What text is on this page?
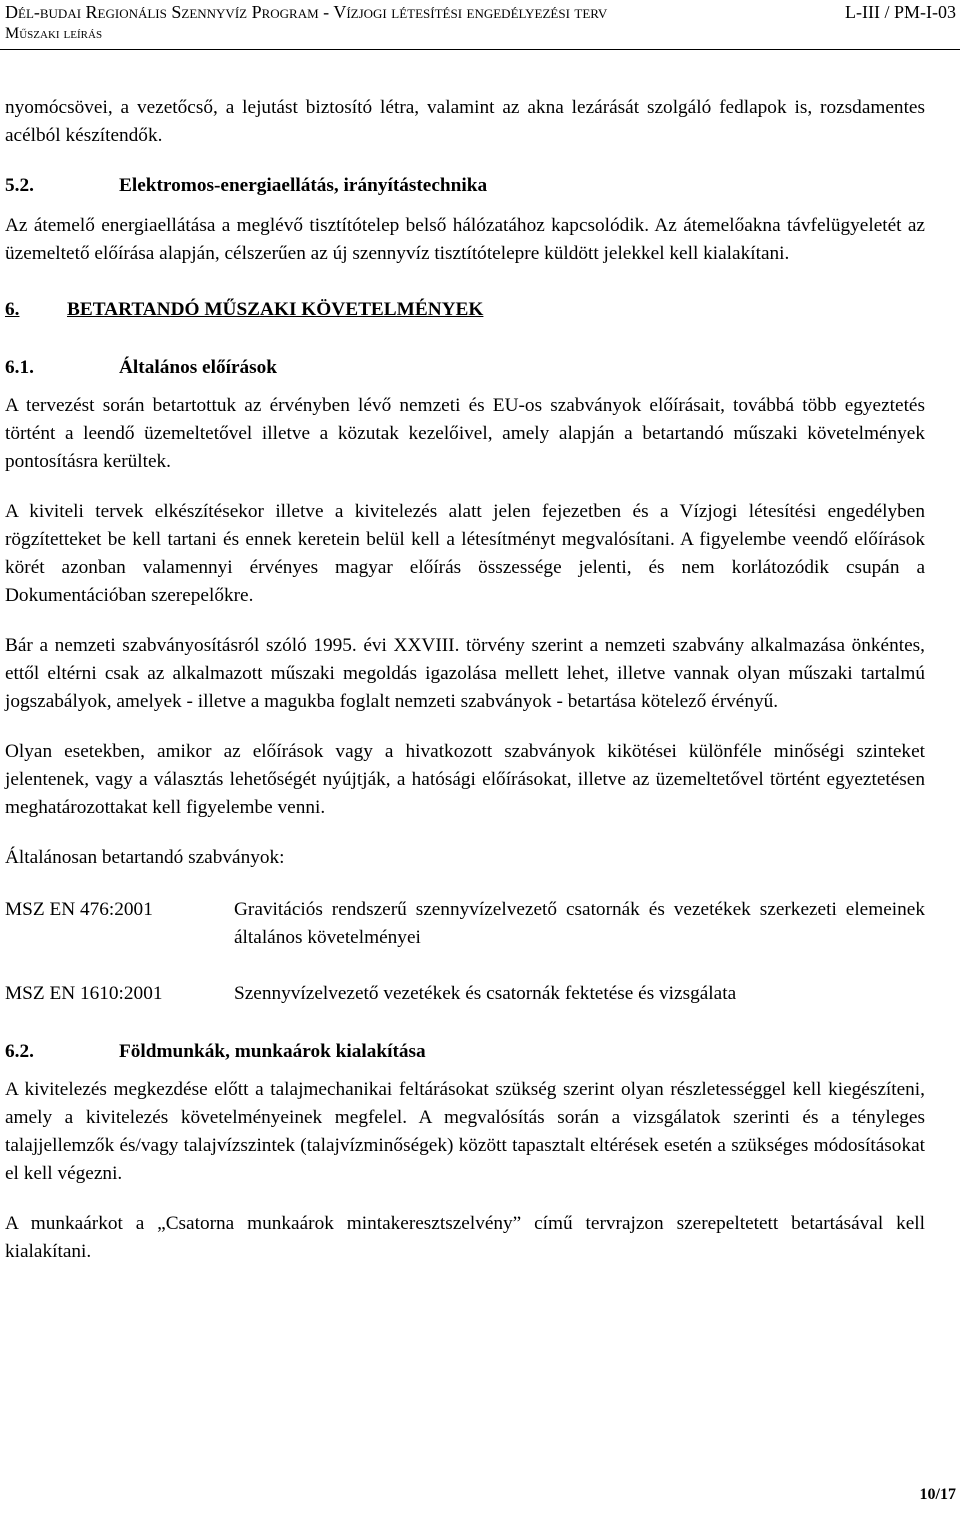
Dél-budai Regionális Szennyvíz Program - Vízjogi létesítési engedélyezési terv	L-III / PM-I-03
Műszaki leírás

nyomócsövei, a vezetőcső, a lejutást biztosító létra, valamint az akna lezárását szolgáló fedlapok is, rozsdamentes acélból készítendők.

5.2.	Elektromos-energiaellátás, irányítástechnika

Az átemelő energiaellátása a meglévő tisztítótelep belső hálózatához kapcsolódik. Az átemelőakna távfelügyeletét az üzemeltető előírása alapján, célszerűen az új szennyvíz tisztítótelepre küldött jelekkel kell kialakítani.

6.	BETARTANDÓ MŰSZAKI KÖVETELMÉNYEK
6.1.	Általános előírások

A tervezést során betartottuk az érvényben lévő nemzeti és EU-os szabványok előírásait, továbbá több egyeztetés történt a leendő üzemeltetővel illetve a közutak kezelőivel, amely alapján a betartandó műszaki követelmények pontosításra kerültek.

A kiviteli tervek elkészítésekor illetve a kivitelezés alatt jelen fejezetben és a Vízjogi létesítési engedélyben rögzítetteket be kell tartani és ennek keretein belül kell a létesítményt megvalósítani. A figyelembe veendő előírások körét azonban valamennyi érvényes magyar előírás összessége jelenti, és nem korlátozódik csupán a Dokumentációban szerepelőkre.

Bár a nemzeti szabványosításról szóló 1995. évi XXVIII. törvény szerint a nemzeti szabvány alkalmazása önkéntes, ettől eltérni csak az alkalmazott műszaki megoldás igazolása mellett lehet, illetve vannak olyan műszaki tartalmú jogszabályok, amelyek - illetve a magukba foglalt nemzeti szabványok - betartása kötelező érvényű.

Olyan esetekben, amikor az előírások vagy a hivatkozott szabványok kikötései különféle minőségi szinteket jelentenek, vagy a választás lehetőségét nyújtják, a hatósági előírásokat, illetve az üzemeltetővel történt egyeztetésen meghatározottakat kell figyelembe venni.

Általánosan betartandó szabványok:

MSZ EN 476:2001	Gravitációs rendszerű szennyvízelvezető csatornák és vezetékek szerkezeti elemeinek általános követelményei
MSZ EN 1610:2001	Szennyvízelvezető vezetékek és csatornák fektetése és vizsgálata
6.2.	Földmunkák, munkaárok kialakítása

A kivitelezés megkezdése előtt a talajmechanikai feltárásokat szükség szerint olyan részletességgel kell kiegészíteni, amely a kivitelezés követelményeinek megfelel. A megvalósítás során a vizsgálatok szerinti és a tényleges talajjellemzők és/vagy talajvízszintek (talajvízminőségek) között tapasztalt eltérések esetén a szükséges módosításokat el kell végezni.

A munkaárkot a „Csatorna munkaárok mintakeresztszelvény” című tervrajzon szerepeltetett betartásával kell kialakítani.

10/17
